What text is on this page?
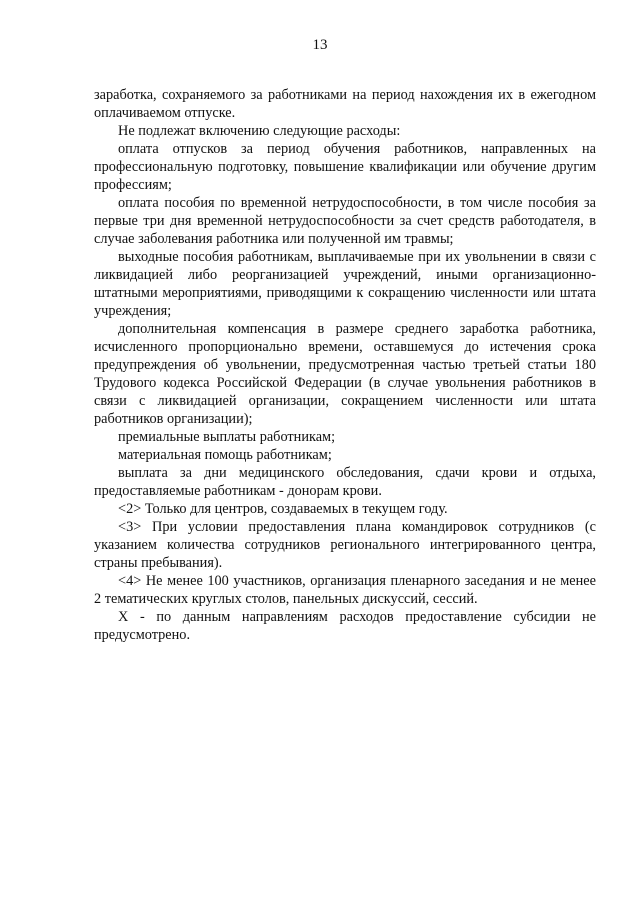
13

заработка, сохраняемого за работниками на период нахождения их в ежегодном оплачиваемом отпуске.

Не подлежат включению следующие расходы:

оплата отпусков за период обучения работников, направленных на профессиональную подготовку, повышение квалификации или обучение другим профессиям;

оплата пособия по временной нетрудоспособности, в том числе пособия за первые три дня временной нетрудоспособности за счет средств работодателя, в случае заболевания работника или полученной им травмы;

выходные пособия работникам, выплачиваемые при их увольнении в связи с ликвидацией либо реорганизацией учреждений, иными организационно-штатными мероприятиями, приводящими к сокращению численности или штата учреждения;

дополнительная компенсация в размере среднего заработка работника, исчисленного пропорционально времени, оставшемуся до истечения срока предупреждения об увольнении, предусмотренная частью третьей статьи 180 Трудового кодекса Российской Федерации (в случае увольнения работников в связи с ликвидацией организации, сокращением численности или штата работников организации);

премиальные выплаты работникам;

материальная помощь работникам;

выплата за дни медицинского обследования, сдачи крови и отдыха, предоставляемые работникам - донорам крови.

<2> Только для центров, создаваемых в текущем году.

<3> При условии предоставления плана командировок сотрудников (с указанием количества сотрудников регионального интегрированного центра, страны пребывания).

<4> Не менее 100 участников, организация пленарного заседания и не менее 2 тематических круглых столов, панельных дискуссий, сессий.

X - по данным направлениям расходов предоставление субсидии не предусмотрено.
